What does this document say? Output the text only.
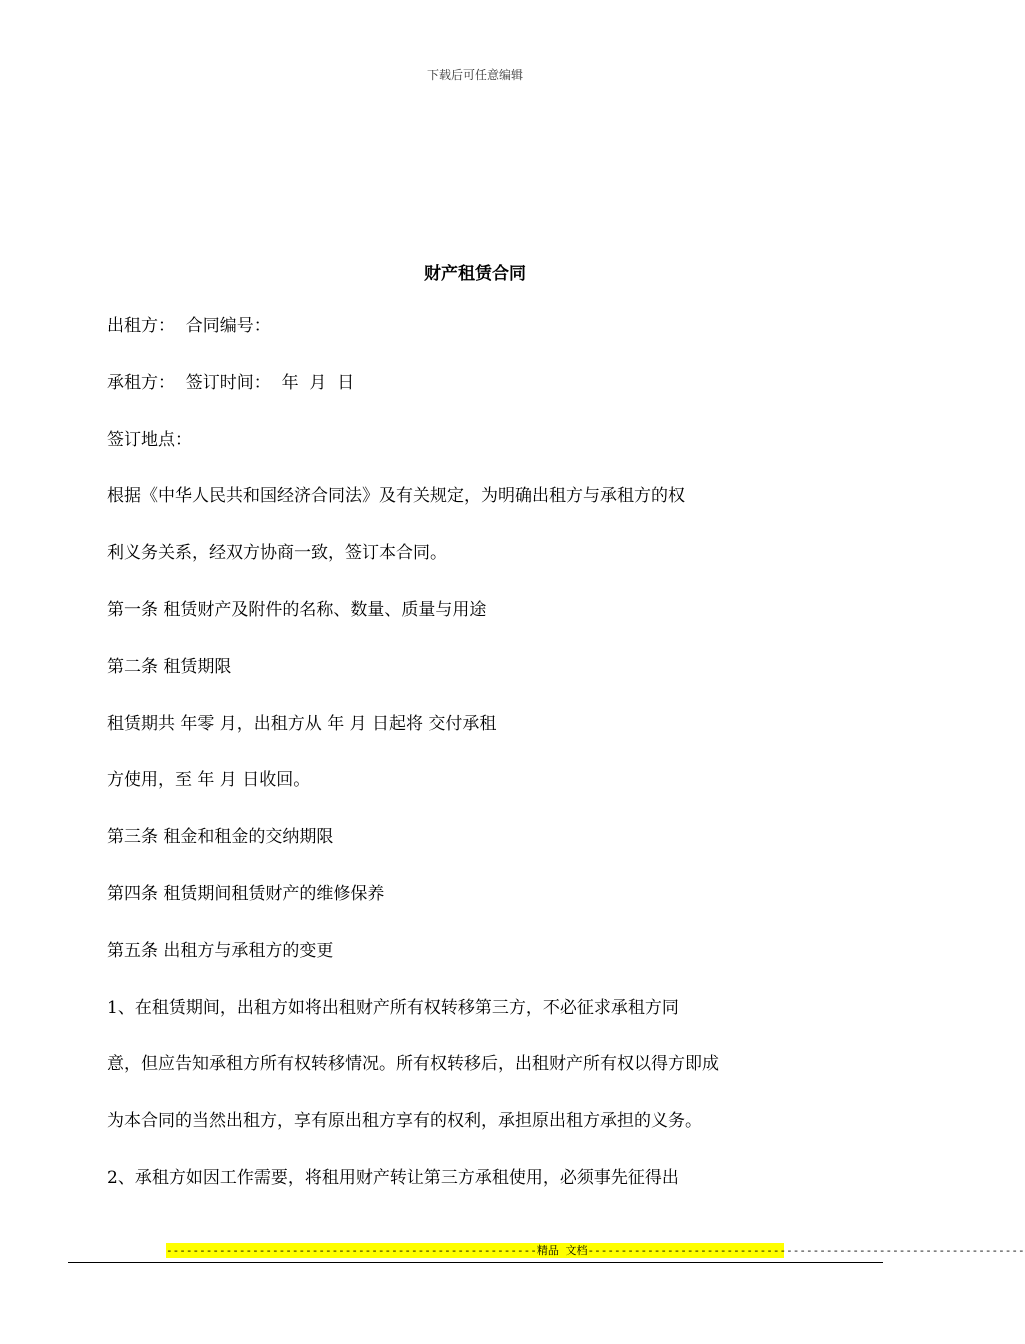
下载后可任意编辑
财产租赁合同
出租方：  合同编号：
承租方：  签订时间：  年  月  日
签订地点：
根据《中华人民共和国经济合同法》及有关规定，为明确出租方与承租方的权
利义务关系，经双方协商一致，签订本合同。
第一条 租赁财产及附件的名称、数量、质量与用途
第二条 租赁期限
租赁期共 年零 月，出租方从 年 月 日起将 交付承租
方使用，至 年 月 日收回。
第三条 租金和租金的交纳期限
第四条 租赁期间租赁财产的维修保养
第五条 出租方与承租方的变更
1、在租赁期间，出租方如将出租财产所有权转移第三方，不必征求承租方同
意，但应告知承租方所有权转移情况。所有权转移后，出租财产所有权以得方即成
为本合同的当然出租方，享有原出租方享有的权利，承担原出租方承担的义务。
2、承租方如因工作需要，将租用财产转让第三方承租使用，必须事先征得出
--------------------------------------------------------精品 文档------------------------------------------------------------------
